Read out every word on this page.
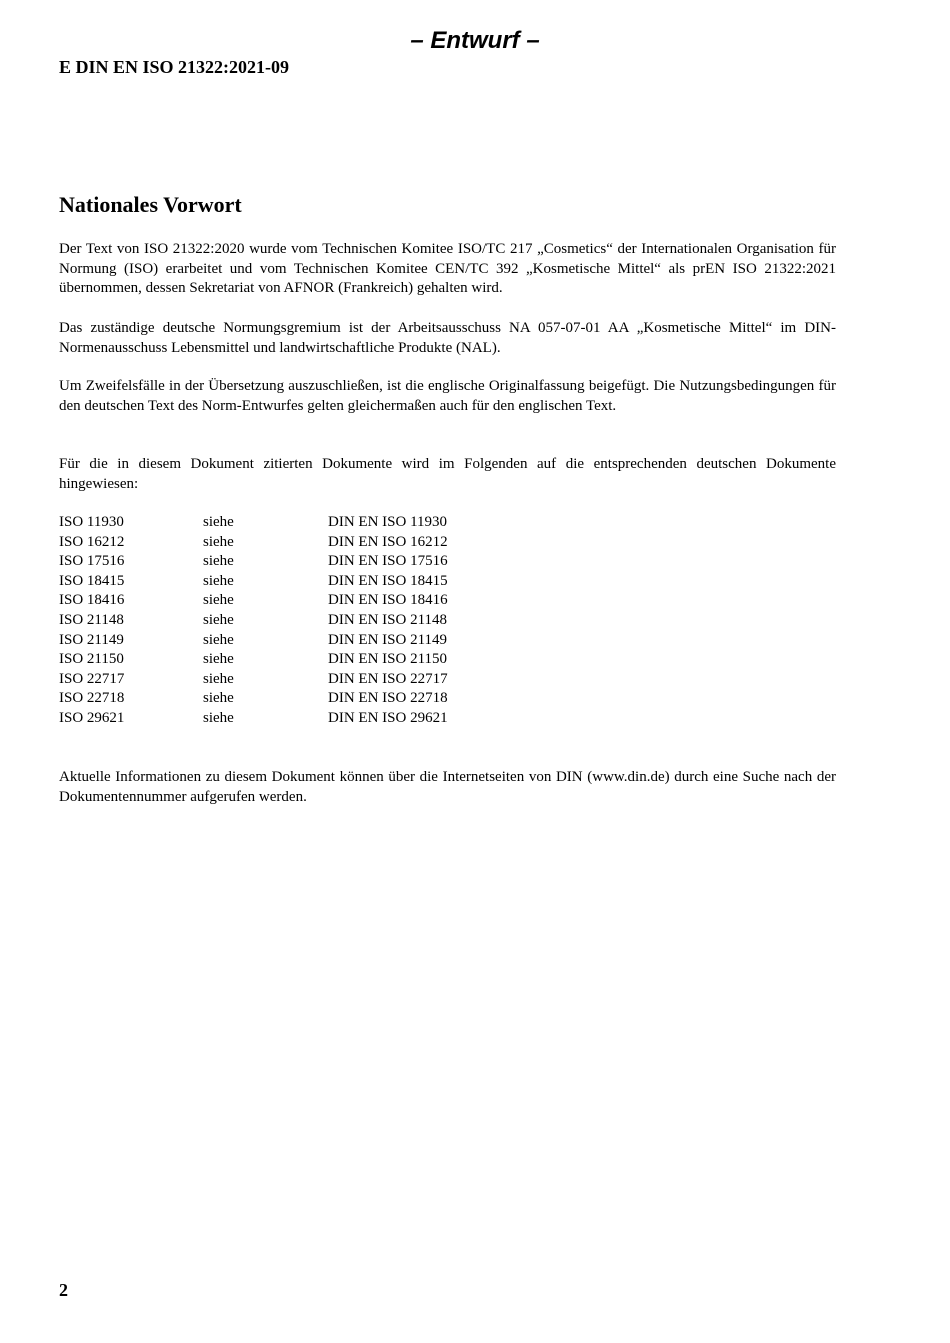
– Entwurf –
E DIN EN ISO 21322:2021-09
Nationales Vorwort

Der Text von ISO 21322:2020 wurde vom Technischen Komitee ISO/TC 217 „Cosmetics“ der Internationalen Organisation für Normung (ISO) erarbeitet und vom Technischen Komitee CEN/TC 392 „Kosmetische Mittel“ als prEN ISO 21322:2021 übernommen, dessen Sekretariat von AFNOR (Frankreich) gehalten wird.

Das zuständige deutsche Normungsgremium ist der Arbeitsausschuss NA 057-07-01 AA „Kosmetische Mittel“ im DIN-Normenausschuss Lebensmittel und landwirtschaftliche Produkte (NAL).

Um Zweifelsfälle in der Übersetzung auszuschließen, ist die englische Originalfassung beigefügt. Die Nutzungsbedingungen für den deutschen Text des Norm-Entwurfes gelten gleichermaßen auch für den englischen Text.

Für die in diesem Dokument zitierten Dokumente wird im Folgenden auf die entsprechenden deutschen Dokumente hingewiesen:

ISO 11930	siehe	DIN EN ISO 11930
ISO 16212	siehe	DIN EN ISO 16212
ISO 17516	siehe	DIN EN ISO 17516
ISO 18415	siehe	DIN EN ISO 18415
ISO 18416	siehe	DIN EN ISO 18416
ISO 21148	siehe	DIN EN ISO 21148
ISO 21149	siehe	DIN EN ISO 21149
ISO 21150	siehe	DIN EN ISO 21150
ISO 22717	siehe	DIN EN ISO 22717
ISO 22718	siehe	DIN EN ISO 22718
ISO 29621	siehe	DIN EN ISO 29621

Aktuelle Informationen zu diesem Dokument können über die Internetseiten von DIN (www.din.de) durch eine Suche nach der Dokumentennummer aufgerufen werden.

2
